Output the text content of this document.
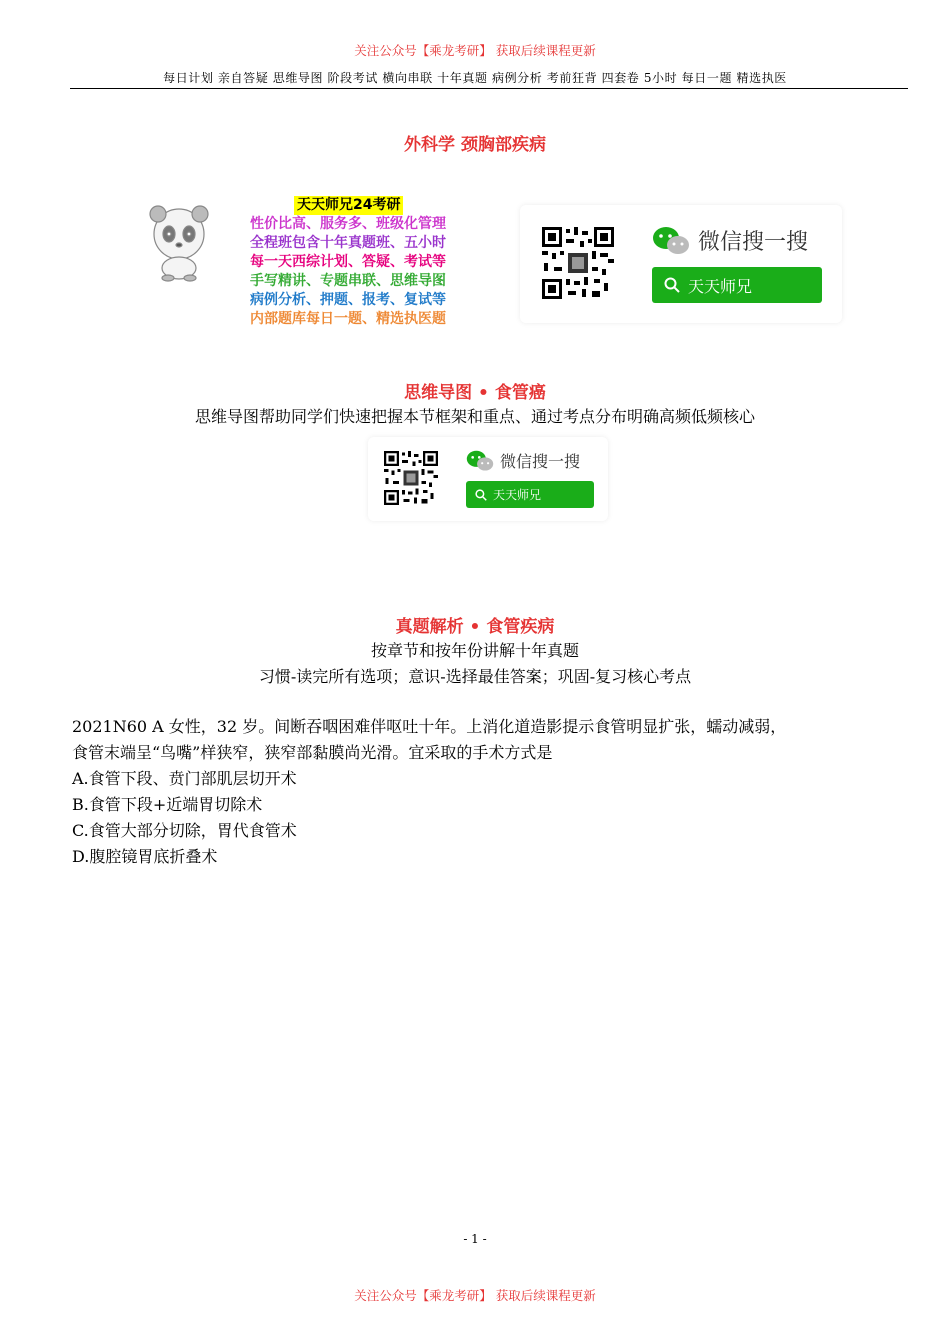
关注公众号【乘龙考研】 获取后续课程更新
每日计划 亲自答疑 思维导图 阶段考试 横向串联 十年真题 病例分析 考前狂背 四套卷 5小时 每日一题 精选执医
外科学 颈胸部疾病
天天师兄24考研
性价比高、服务多、班级化管理
全程班包含十年真题班、五小时
每一天西综计划、答疑、考试等
手写精讲、专题串联、思维导图
病例分析、押题、报考、复试等
内部题库每日一题、精选执医题
微信搜一搜
天天师兄
思维导图 • 食管癌
思维导图帮助同学们快速把握本节框架和重点、通过考点分布明确高频低频核心
微信搜一搜
天天师兄
真题解析 • 食管疾病
按章节和按年份讲解十年真题
习惯-读完所有选项；意识-选择最佳答案；巩固-复习核心考点
2021N60 A 女性，32 岁。间断吞咽困难伴呕吐十年。上消化道造影提示食管明显扩张，蠕动减弱，
食管末端呈“鸟嘴”样狭窄，狭窄部黏膜尚光滑。宜采取的手术方式是
A.食管下段、贲门部肌层切开术
B.食管下段+近端胃切除术
C.食管大部分切除，胃代食管术
D.腹腔镜胃底折叠术
- 1 -
关注公众号【乘龙考研】 获取后续课程更新
